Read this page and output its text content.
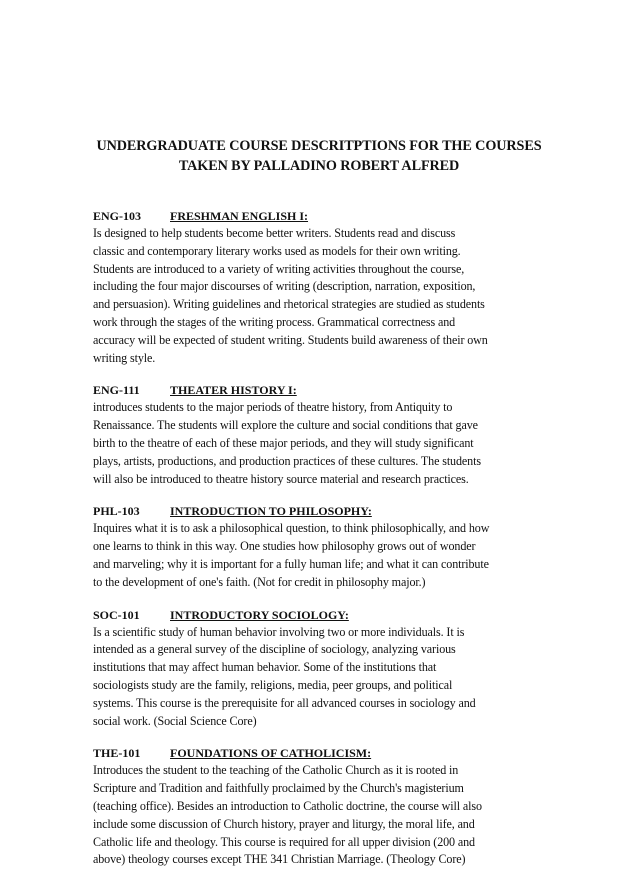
UNDERGRADUATE COURSE DESCRITPTIONS FOR THE COURSES
TAKEN BY PALLADINO ROBERT ALFRED
ENG-103 FRESHMAN ENGLISH I:
Is designed to help students become better writers. Students read and discuss
classic and contemporary literary works used as models for their own writing.
Students are introduced to a variety of writing activities throughout the course,
including the four major discourses of writing (description, narration, exposition,
and persuasion). Writing guidelines and rhetorical strategies are studied as students
work through the stages of the writing process. Grammatical correctness and
accuracy will be expected of student writing. Students build awareness of their own
writing style.
ENG-111	THEATER HISTORY I:
introduces students to the major periods of theatre history, from Antiquity to
Renaissance. The students will explore the culture and social conditions that gave
birth to the theatre of each of these major periods, and they will study significant
plays, artists, productions, and production practices of these cultures. The students
will also be introduced to theatre history source material and research practices.
PHL-103	INTRODUCTION TO PHILOSOPHY:
Inquires what it is to ask a philosophical question, to think philosophically, and how
one learns to think in this way. One studies how philosophy grows out of wonder
and marveling; why it is important for a fully human life; and what it can contribute
to the development of one's faith. (Not for credit in philosophy major.)
SOC-101	INTRODUCTORY SOCIOLOGY:
Is a scientific study of human behavior involving two or more individuals. It is
intended as a general survey of the discipline of sociology, analyzing various
institutions that may affect human behavior. Some of the institutions that
sociologists study are the family, religions, media, peer groups, and political
systems. This course is the prerequisite for all advanced courses in sociology and
social work. (Social Science Core)
THE-101 FOUNDATIONS OF CATHOLICISM:
Introduces the student to the teaching of the Catholic Church as it is rooted in
Scripture and Tradition and faithfully proclaimed by the Church's magisterium
(teaching office). Besides an introduction to Catholic doctrine, the course will also
include some discussion of Church history, prayer and liturgy, the moral life, and
Catholic life and theology. This course is required for all upper division (200 and
above) theology courses except THE 341 Christian Marriage. (Theology Core)
